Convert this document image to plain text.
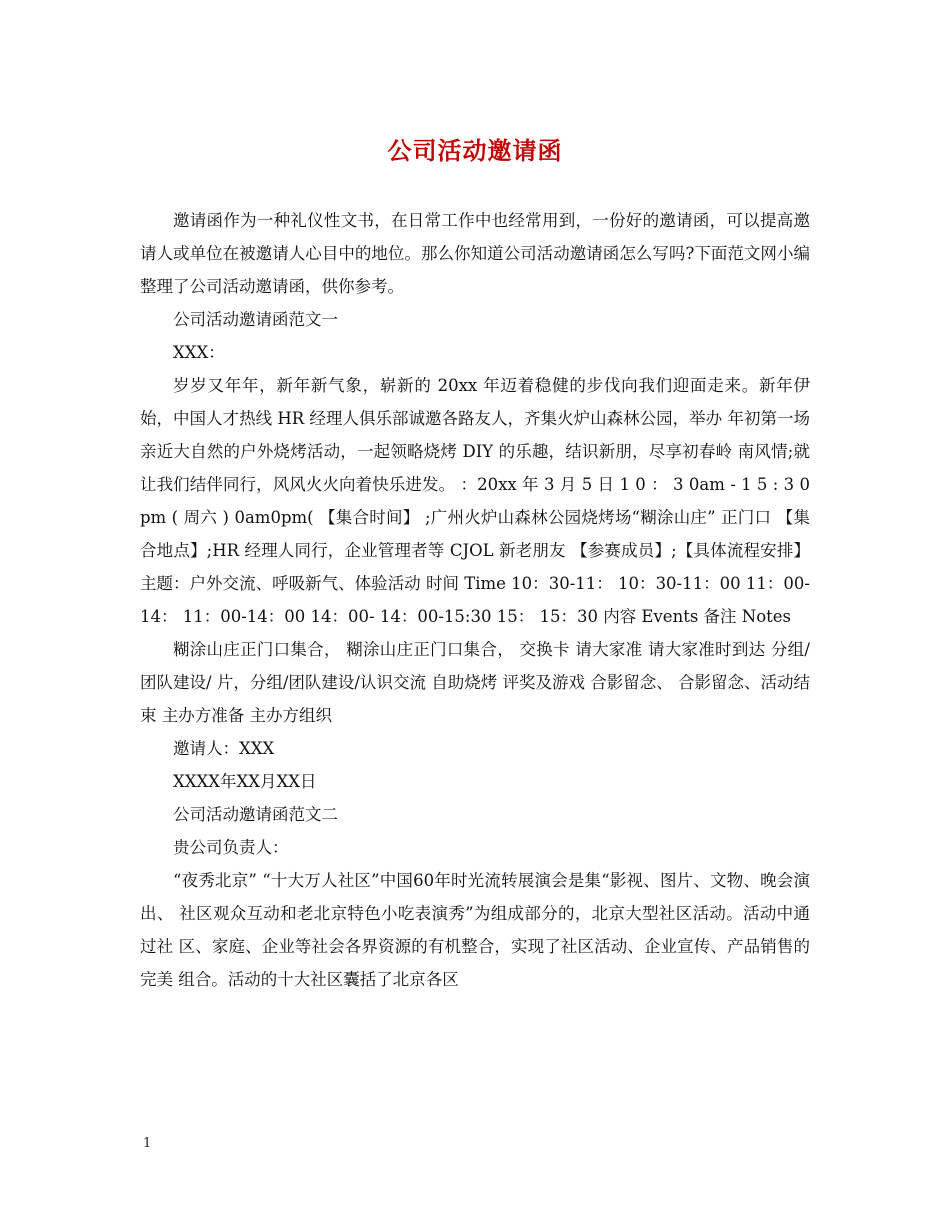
公司活动邀请函

邀请函作为一种礼仪性文书，在日常工作中也经常用到，一份好的邀请函，可以提高邀请人或单位在被邀请人心目中的地位。那么你知道公司活动邀请函怎么写吗?下面范文网小编整理了公司活动邀请函，供你参考。

公司活动邀请函范文一

XXX：

岁岁又年年，新年新气象，崭新的 20xx 年迈着稳健的步伐向我们迎面走来。新年伊始，中国人才热线 HR 经理人俱乐部诚邀各路友人，齐集火炉山森林公园，举办 年初第一场亲近大自然的户外烧烤活动，一起领略烧烤 DIY 的乐趣，结识新朋，尽享初春岭 南风情;就让我们结伴同行，风风火火向着快乐进发。 ：20xx 年 3 月 5 日 1 0 ： 3 0am - 1 5 : 3 0pm ( 周六 ) 0am0pm( 【集合时间】 ;广州火炉山森林公园烧烤场“糊涂山庄” 正门口 【集合地点】;HR 经理人同行，企业管理者等 CJOL 新老朋友 【参赛成员】;【具体流程安排】 主题：户外交流、呼吸新气、体验活动 时间 Time 10：30-11： 10：30-11：00 11：00-14： 11：00-14：00 14：00- 14：00-15:30 15： 15：30 内容 Events 备注 Notes

糊涂山庄正门口集合， 糊涂山庄正门口集合， 交换卡 请大家准 请大家准时到达 分组/团队建设/ 片，分组/团队建设/认识交流 自助烧烤 评奖及游戏 合影留念、 合影留念、活动结束 主办方准备 主办方组织

邀请人：XXX

XXXX年XX月XX日

公司活动邀请函范文二

贵公司负责人：

“夜秀北京” “十大万人社区”中国60年时光流转展演会是集“影视、图片、文物、晚会演出、 社区观众互动和老北京特色小吃表演秀”为组成部分的，北京大型社区活动。活动中通过社 区、家庭、企业等社会各界资源的有机整合，实现了社区活动、企业宣传、产品销售的完美 组合。活动的十大社区囊括了北京各区

1
